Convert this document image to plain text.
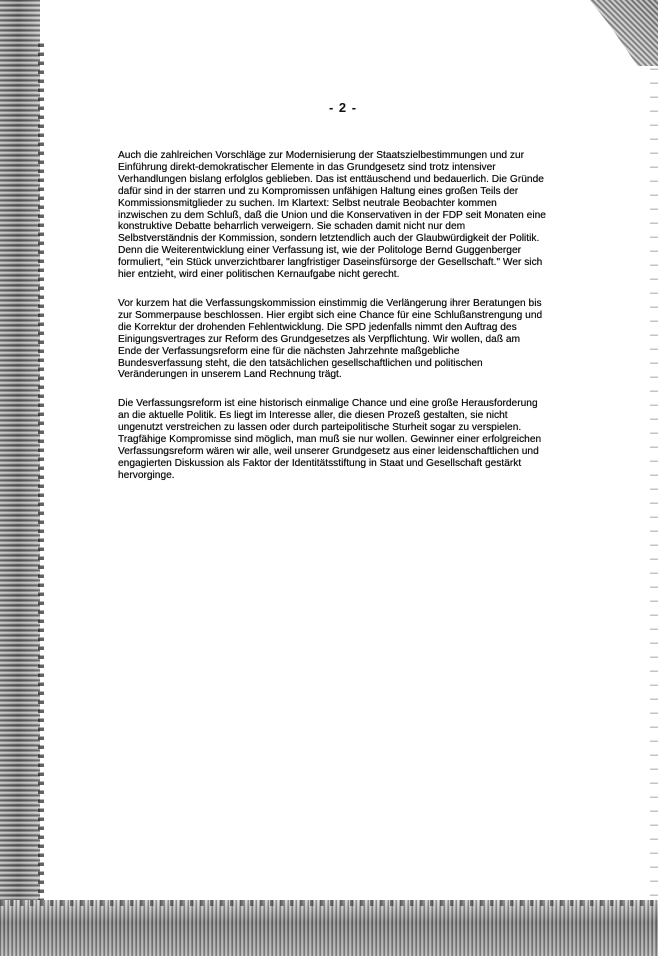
- 2 -

Auch die zahlreichen Vorschläge zur Modernisierung der Staatszielbestimmungen und zur Einführung direkt-demokratischer Elemente in das Grundgesetz sind trotz intensiver Verhandlungen bislang erfolglos geblieben. Das ist enttäuschend und bedauerlich. Die Gründe dafür sind in der starren und zu Kompromissen unfähigen Haltung eines großen Teils der Kommissionsmitglieder zu suchen. Im Klartext: Selbst neutrale Beobachter kommen inzwischen zu dem Schluß, daß die Union und die Konservativen in der FDP seit Monaten eine konstruktive Debatte beharrlich verweigern. Sie schaden damit nicht nur dem Selbstverständnis der Kommission, sondern letztendlich auch der Glaubwürdigkeit der Politik. Denn die Weiterentwicklung einer Verfassung ist, wie der Politologe Bernd Guggenberger formuliert, "ein Stück unverzichtbarer langfristiger Daseinsfürsorge der Gesellschaft." Wer sich hier entzieht, wird einer politischen Kernaufgabe nicht gerecht.

Vor kurzem hat die Verfassungskommission einstimmig die Verlängerung ihrer Beratungen bis zur Sommerpause beschlossen. Hier ergibt sich eine Chance für eine Schlußanstrengung und die Korrektur der drohenden Fehlentwicklung. Die SPD jedenfalls nimmt den Auftrag des Einigungsvertrages zur Reform des Grundgesetzes als Verpflichtung. Wir wollen, daß am Ende der Verfassungsreform eine für die nächsten Jahrzehnte maßgebliche Bundesverfassung steht, die den tatsächlichen gesellschaftlichen und politischen Veränderungen in unserem Land Rechnung trägt.

Die Verfassungsreform ist eine historisch einmalige Chance und eine große Herausforderung an die aktuelle Politik. Es liegt im Interesse aller, die diesen Prozeß gestalten, sie nicht ungenutzt verstreichen zu lassen oder durch parteipolitische Sturheit sogar zu verspielen. Tragfähige Kompromisse sind möglich, man muß sie nur wollen. Gewinner einer erfolgreichen Verfassungsreform wären wir alle, weil unserer Grundgesetz aus einer leidenschaftlichen und engagierten Diskussion als Faktor der Identitätsstiftung in Staat und Gesellschaft gestärkt hervorginge.
